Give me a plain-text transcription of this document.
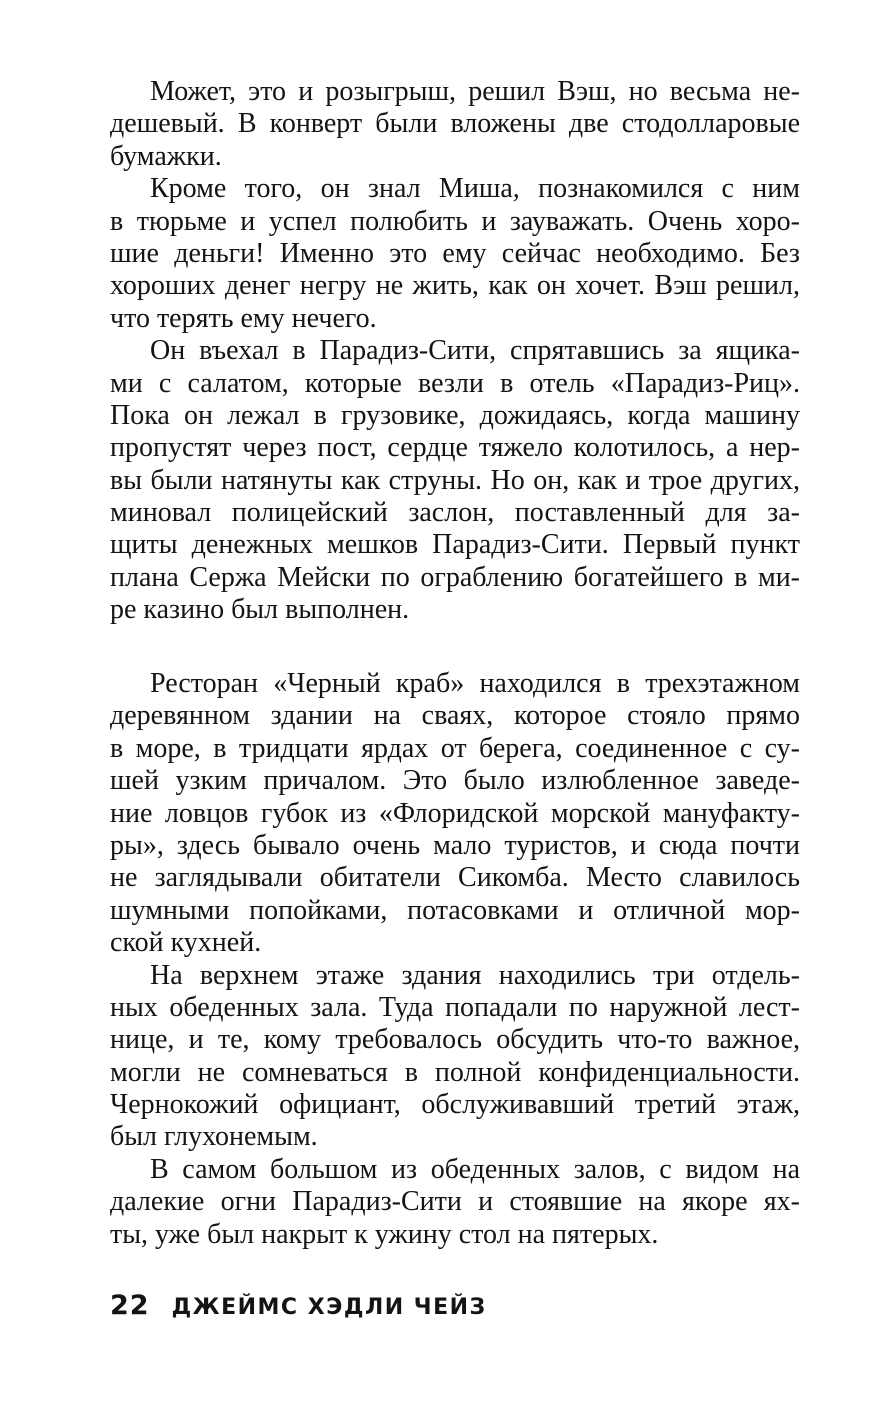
Может, это и розыгрыш, решил Вэш, но весьма не-
дешевый. В конверт были вложены две стодолларовые
бумажки.
Кроме того, он знал Миша, познакомился с ним
в тюрьме и успел полюбить и зауважать. Очень хоро-
шие деньги! Именно это ему сейчас необходимо. Без
хороших денег негру не жить, как он хочет. Вэш решил,
что терять ему нечего.
Он въехал в Парадиз-Сити, спрятавшись за ящика-
ми с салатом, которые везли в отель «Парадиз-Риц».
Пока он лежал в грузовике, дожидаясь, когда машину
пропустят через пост, сердце тяжело колотилось, а нер-
вы были натянуты как струны. Но он, как и трое других,
миновал полицейский заслон, поставленный для за-
щиты денежных мешков Парадиз-Сити. Первый пункт
плана Сержа Мейски по ограблению богатейшего в ми-
ре казино был выполнен.
Ресторан «Черный краб» находился в трехэтажном
деревянном здании на сваях, которое стояло прямо
в море, в тридцати ярдах от берега, соединенное с су-
шей узким причалом. Это было излюбленное заведе-
ние ловцов губок из «Флоридской морской мануфакту-
ры», здесь бывало очень мало туристов, и сюда почти
не заглядывали обитатели Сикомба. Место славилось
шумными попойками, потасовками и отличной мор-
ской кухней.
На верхнем этаже здания находились три отдель-
ных обеденных зала. Туда попадали по наружной лест-
нице, и те, кому требовалось обсудить что-то важное,
могли не сомневаться в полной конфиденциальности.
Чернокожий официант, обслуживавший третий этаж,
был глухонемым.
В самом большом из обеденных залов, с видом на
далекие огни Парадиз-Сити и стоявшие на якоре ях-
ты, уже был накрыт к ужину стол на пятерых.
22 ДЖЕЙМС ХЭДЛИ ЧЕЙЗ
